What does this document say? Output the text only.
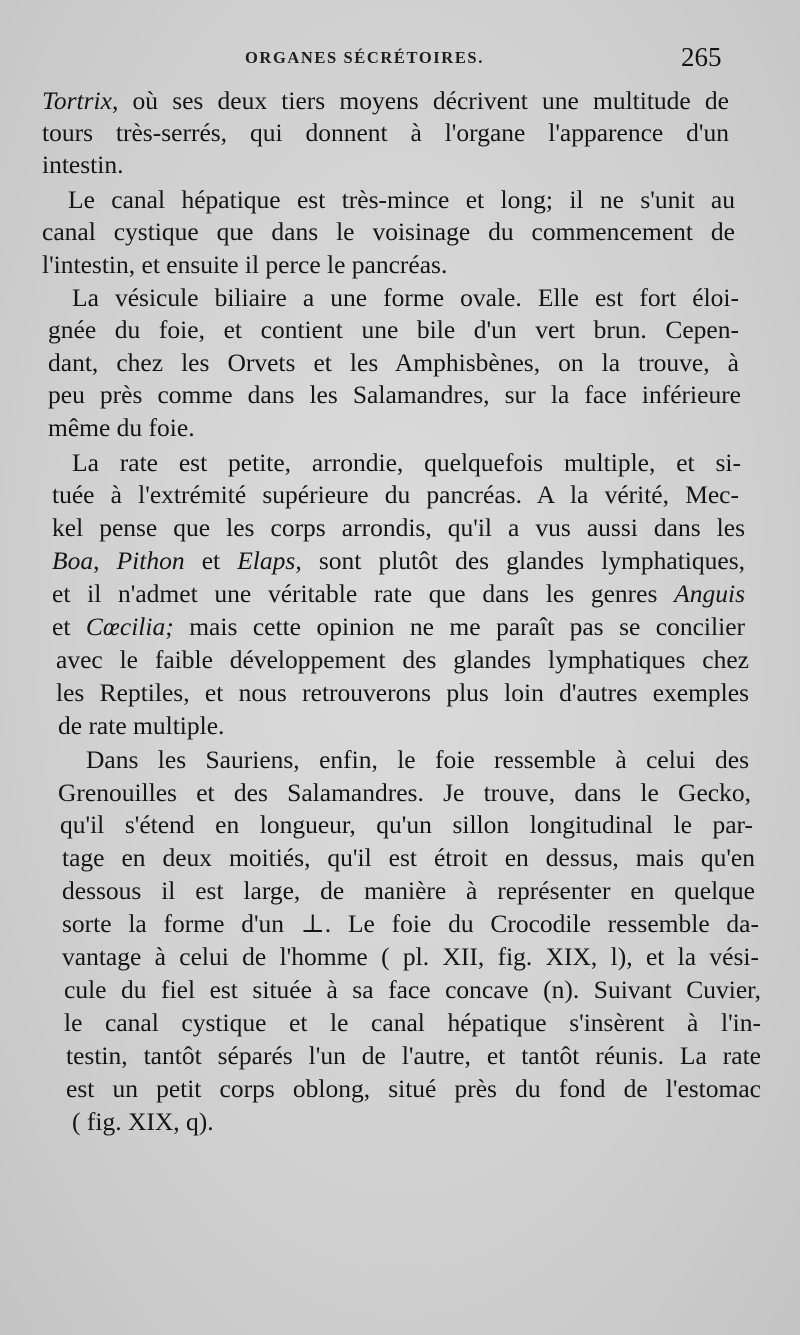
ORGANES SÉCRÉTOIRES.	265
Tortrix, où ses deux tiers moyens décrivent une multitude de
tours très-serrés, qui donnent à l'organe l'apparence d'un
intestin.
Le canal hépatique est très-mince et long; il ne s'unit au
canal cystique que dans le voisinage du commencement de
l'intestin, et ensuite il perce le pancréas.
La vésicule biliaire a une forme ovale. Elle est fort éloi-
gnée du foie, et contient une bile d'un vert brun. Cepen-
dant, chez les Orvets et les Amphisbènes, on la trouve, à
peu près comme dans les Salamandres, sur la face inférieure
même du foie.
La rate est petite, arrondie, quelquefois multiple, et si-
tuée à l'extrémité supérieure du pancréas. A la vérité, Mec-
kel pense que les corps arrondis, qu'il a vus aussi dans les
Boa, Pithon et Elaps, sont plutôt des glandes lymphatiques,
et il n'admet une véritable rate que dans les genres Anguis
et Cœcilia; mais cette opinion ne me paraît pas se concilier
avec le faible développement des glandes lymphatiques chez
les Reptiles, et nous retrouverons plus loin d'autres exemples
de rate multiple.
Dans les Sauriens, enfin, le foie ressemble à celui des
Grenouilles et des Salamandres. Je trouve, dans le Gecko,
qu'il s'étend en longueur, qu'un sillon longitudinal le par-
tage en deux moitiés, qu'il est étroit en dessus, mais qu'en
dessous il est large, de manière à représenter en quelque
sorte la forme d'un ⊥. Le foie du Crocodile ressemble da-
vantage à celui de l'homme ( pl. XII, fig. XIX, l), et la vési-
cule du fiel est située à sa face concave (n). Suivant Cuvier,
le canal cystique et le canal hépatique s'insèrent à l'in-
testin, tantôt séparés l'un de l'autre, et tantôt réunis. La rate
est un petit corps oblong, situé près du fond de l'estomac
( fig. XIX, q).
